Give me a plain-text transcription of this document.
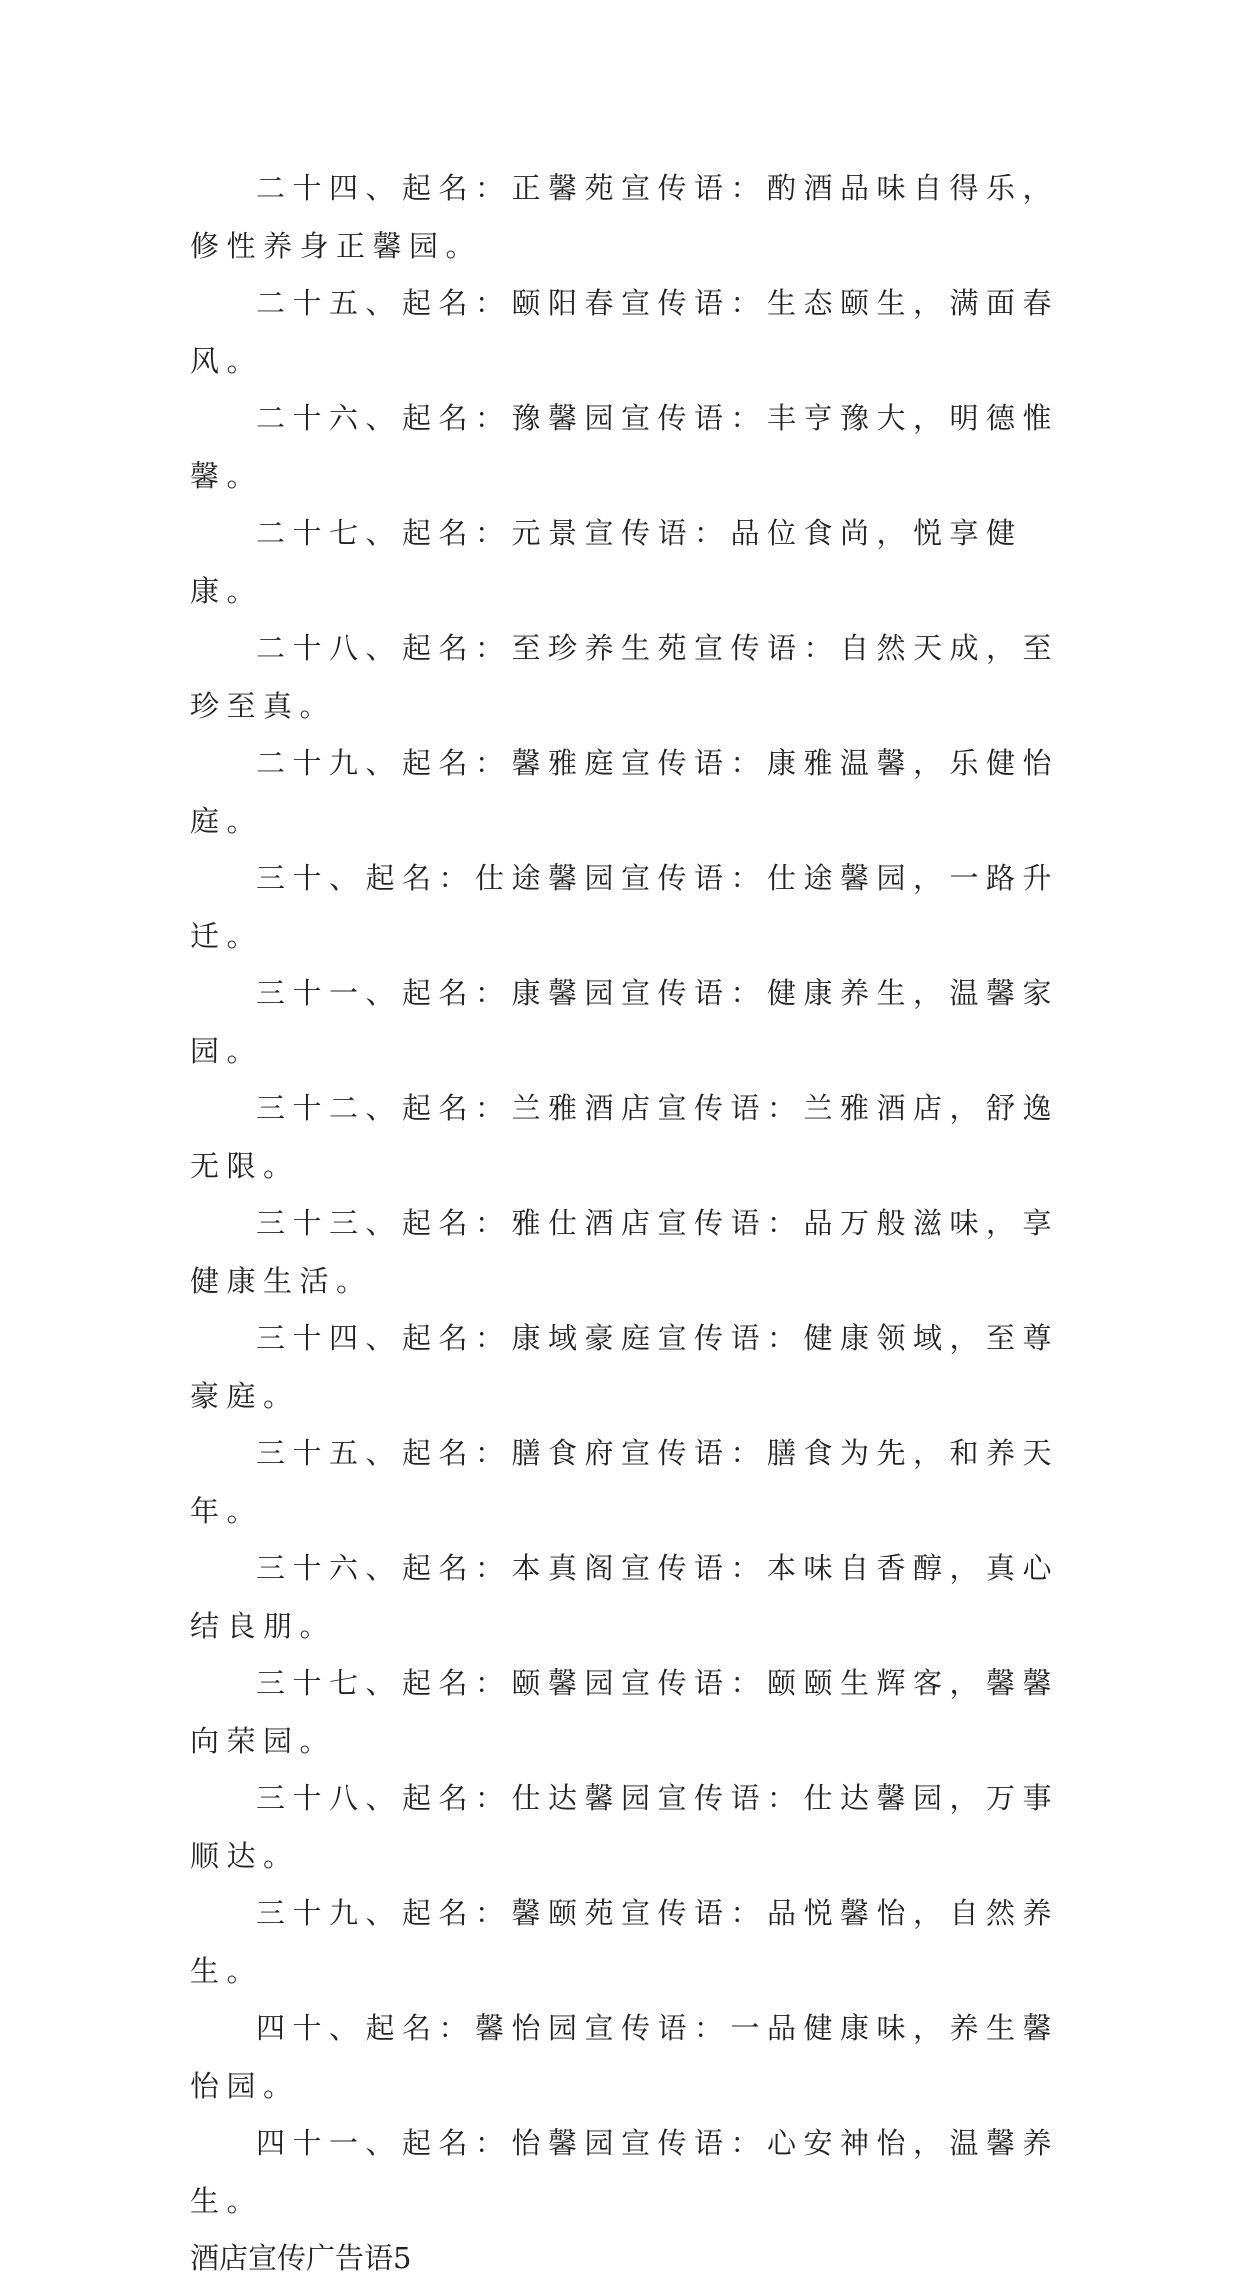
二十四、起名：正馨苑宣传语：酌酒品味自得乐，修性养身正馨园。

二十五、起名：颐阳春宣传语：生态颐生，满面春风。

二十六、起名：豫馨园宣传语：丰亨豫大，明德惟馨。

二十七、起名：元景宣传语：品位食尚，悦享健康。

二十八、起名：至珍养生苑宣传语：自然天成，至珍至真。

二十九、起名：馨雅庭宣传语：康雅温馨，乐健怡庭。

三十、起名：仕途馨园宣传语：仕途馨园，一路升迁。

三十一、起名：康馨园宣传语：健康养生，温馨家园。

三十二、起名：兰雅酒店宣传语：兰雅酒店，舒逸无限。

三十三、起名：雅仕酒店宣传语：品万般滋味，享健康生活。

三十四、起名：康域豪庭宣传语：健康领域，至尊豪庭。

三十五、起名：膳食府宣传语：膳食为先，和养天年。

三十六、起名：本真阁宣传语：本味自香醇，真心结良朋。

三十七、起名：颐馨园宣传语：颐颐生辉客，馨馨向荣园。

三十八、起名：仕达馨园宣传语：仕达馨园，万事顺达。

三十九、起名：馨颐苑宣传语：品悦馨怡，自然养生。

四十、起名：馨怡园宣传语：一品健康味，养生馨怡园。

四十一、起名：怡馨园宣传语：心安神怡，温馨养生。

酒店宣传广告语5
